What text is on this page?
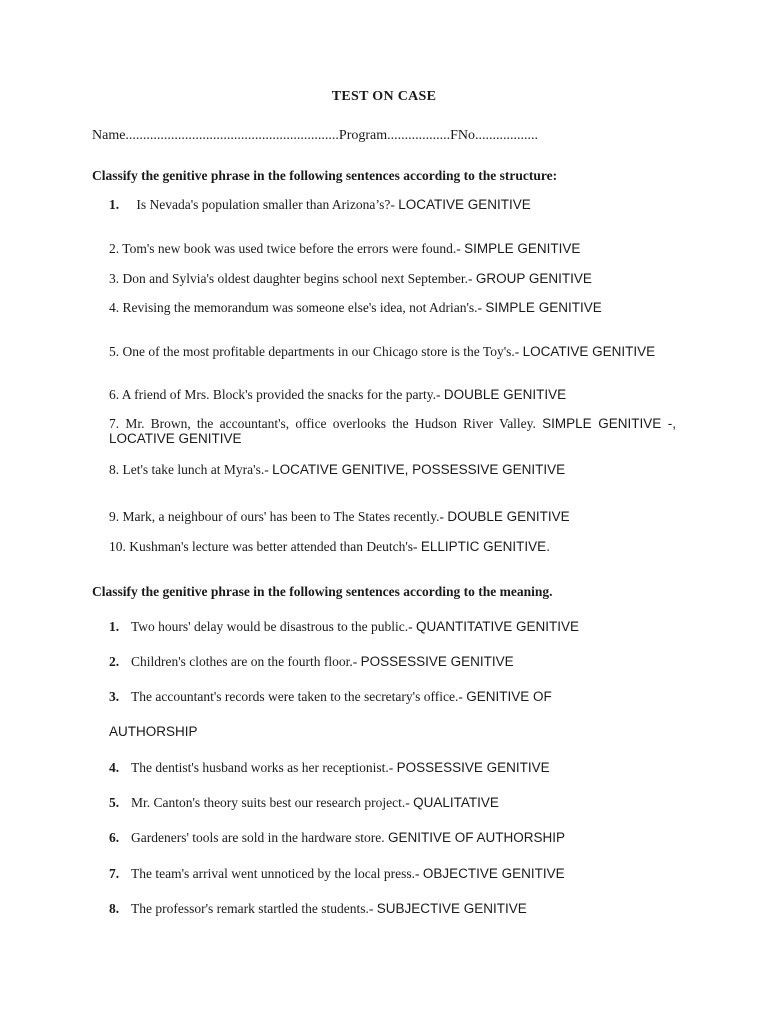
TEST ON CASE
Name.............................................................Program..................FNo..................
Classify the genitive phrase in the following sentences according to the structure:
1. Is Nevada's population smaller than Arizona’s?- LOCATIVE GENITIVE
2. Tom's new book was used twice before the errors were found.- SIMPLE GENITIVE
3. Don and Sylvia's oldest daughter begins school next September.- GROUP GENITIVE
4. Revising the memorandum was someone else's idea, not Adrian's.- SIMPLE GENITIVE
5. One of the most profitable departments in our Chicago store is the Toy's.- LOCATIVE GENITIVE
6. A friend of Mrs. Block's provided the snacks for the party.- DOUBLE GENITIVE
7. Mr. Brown, the accountant's, office overlooks the Hudson River Valley. SIMPLE GENITIVE -, LOCATIVE GENITIVE
8. Let's take lunch at Myra's.- LOCATIVE GENITIVE, POSSESSIVE GENITIVE
9. Mark, a neighbour of ours' has been to The States recently.- DOUBLE GENITIVE
10. Kushman's lecture was better attended than Deutch's- ELLIPTIC GENITIVE.
Classify the genitive phrase in the following sentences according to the meaning.
1. Two hours' delay would be disastrous to the public.- QUANTITATIVE GENITIVE
2. Children's clothes are on the fourth floor.- POSSESSIVE GENITIVE
3. The accountant's records were taken to the secretary's office.- GENITIVE OF
AUTHORSHIP
4. The dentist's husband works as her receptionist.- POSSESSIVE GENITIVE
5. Mr. Canton's theory suits best our research project.- QUALITATIVE
6. Gardeners' tools are sold in the hardware store. GENITIVE OF AUTHORSHIP
7. The team's arrival went unnoticed by the local press.- OBJECTIVE GENITIVE
8. The professor's remark startled the students.- SUBJECTIVE GENITIVE
